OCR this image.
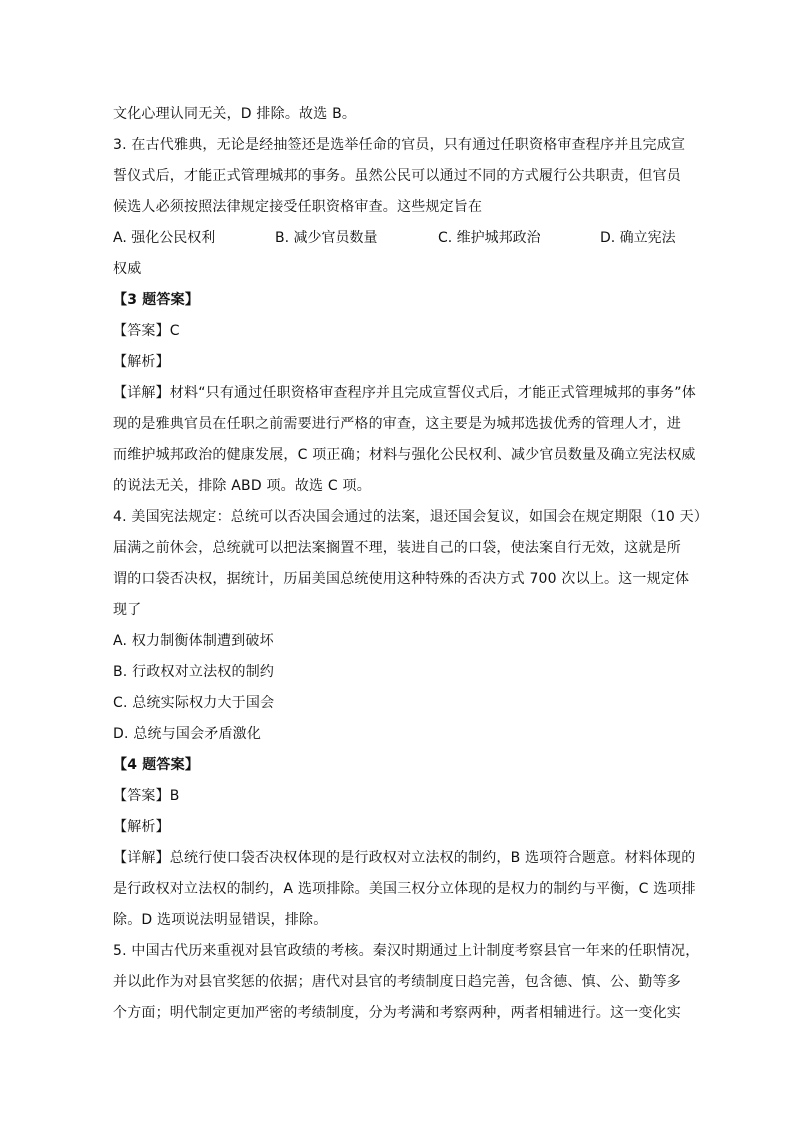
文化心理认同无关，D 排除。故选 B。
3. 在古代雅典，无论是经抽签还是选举任命的官员，只有通过任职资格审查程序并且完成宣
誓仪式后，才能正式管理城邦的事务。虽然公民可以通过不同的方式履行公共职责，但官员
候选人必须按照法律规定接受任职资格审查。这些规定旨在
A. 强化公民权利	B. 减少官员数量	C. 维护城邦政治	D. 确立宪法
权威
【3 题答案】
【答案】C
【解析】
【详解】材料“只有通过任职资格审查程序并且完成宣誓仪式后，才能正式管理城邦的事务”体
现的是雅典官员在任职之前需要进行严格的审查，这主要是为城邦选拔优秀的管理人才，进
而维护城邦政治的健康发展，C 项正确；材料与强化公民权利、减少官员数量及确立宪法权威
的说法无关，排除 ABD 项。故选 C 项。
4. 美国宪法规定：总统可以否决国会通过的法案，退还国会复议，如国会在规定期限（10 天）
届满之前休会，总统就可以把法案搁置不理，装进自己的口袋，使法案自行无效，这就是所
谓的口袋否决权，据统计，历届美国总统使用这种特殊的否决方式 700 次以上。这一规定体
现了
A. 权力制衡体制遭到破坏
B. 行政权对立法权的制约
C. 总统实际权力大于国会
D. 总统与国会矛盾激化
【4 题答案】
【答案】B
【解析】
【详解】总统行使口袋否决权体现的是行政权对立法权的制约，B 选项符合题意。材料体现的
是行政权对立法权的制约，A 选项排除。美国三权分立体现的是权力的制约与平衡，C 选项排
除。D 选项说法明显错误，排除。
5. 中国古代历来重视对县官政绩的考核。秦汉时期通过上计制度考察县官一年来的任职情况，
并以此作为对县官奖惩的依据；唐代对县官的考绩制度日趋完善，包含德、慎、公、勤等多
个方面；明代制定更加严密的考绩制度，分为考满和考察两种，两者相辅进行。这一变化实
